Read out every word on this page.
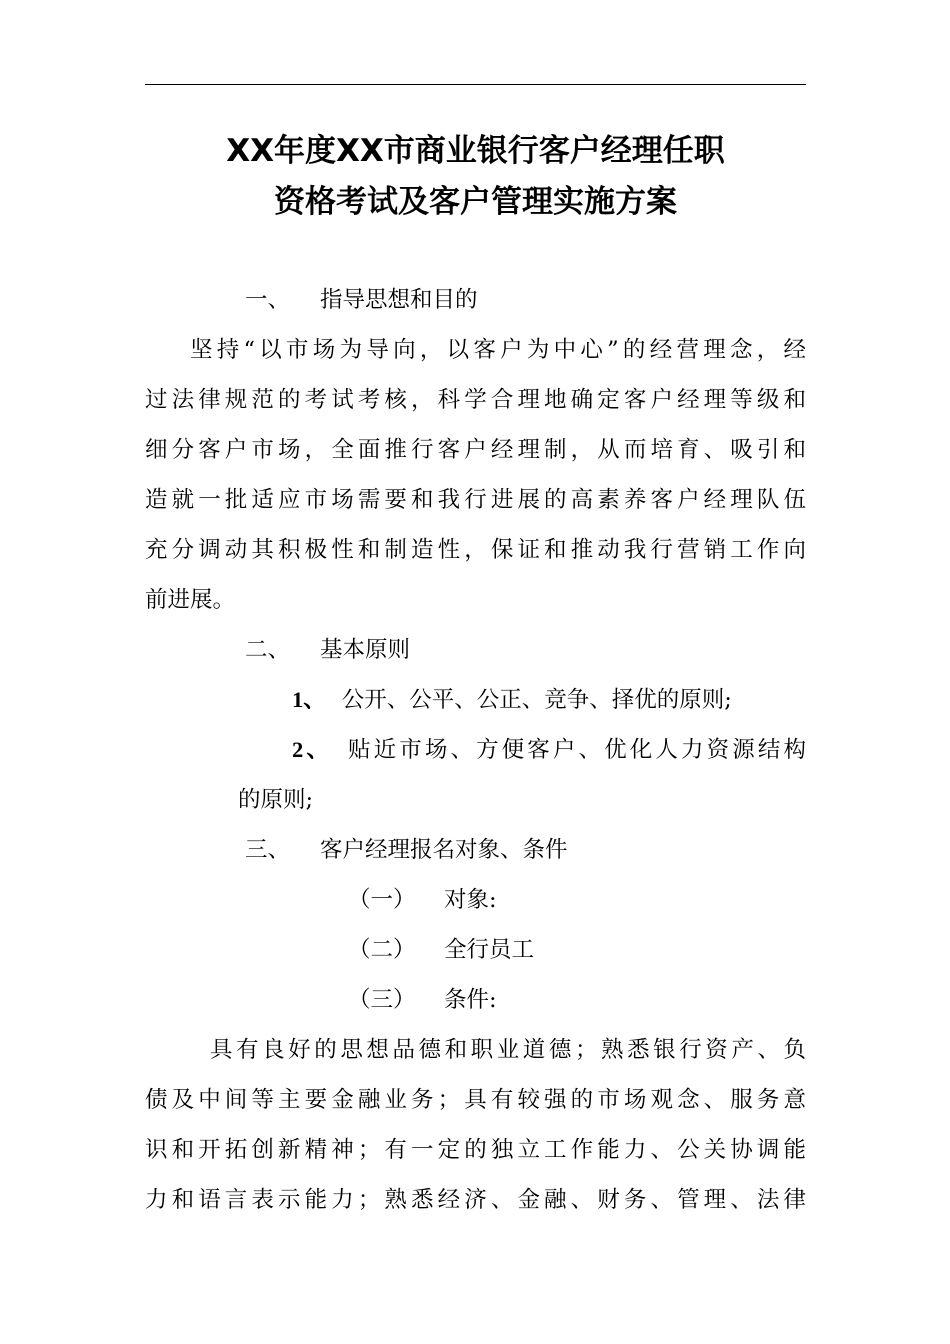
XX年度XX市商业银行客户经理任职
资格考试及客户管理实施方案
一、 指导思想和目的
坚持“以市场为导向，以客户为中心”的经营理念，经
过法律规范的考试考核，科学合理地确定客户经理等级和
细分客户市场，全面推行客户经理制，从而培育、吸引和
造就一批适应市场需要和我行进展的高素养客户经理队伍
充分调动其积极性和制造性，保证和推动我行营销工作向
前进展。
二、 基本原则
1、 公开、公平、公正、竞争、择优的原则;
2、 贴近市场、方便客户、优化人力资源结构
的原则;
三、 客户经理报名对象、条件
（一） 对象:
（二） 全行员工
（三） 条件:
具有良好的思想品德和职业道德；熟悉银行资产、负
债及中间等主要金融业务；具有较强的市场观念、服务意
识和开拓创新精神；有一定的独立工作能力、公关协调能
力和语言表示能力；熟悉经济、金融、财务、管理、法律
